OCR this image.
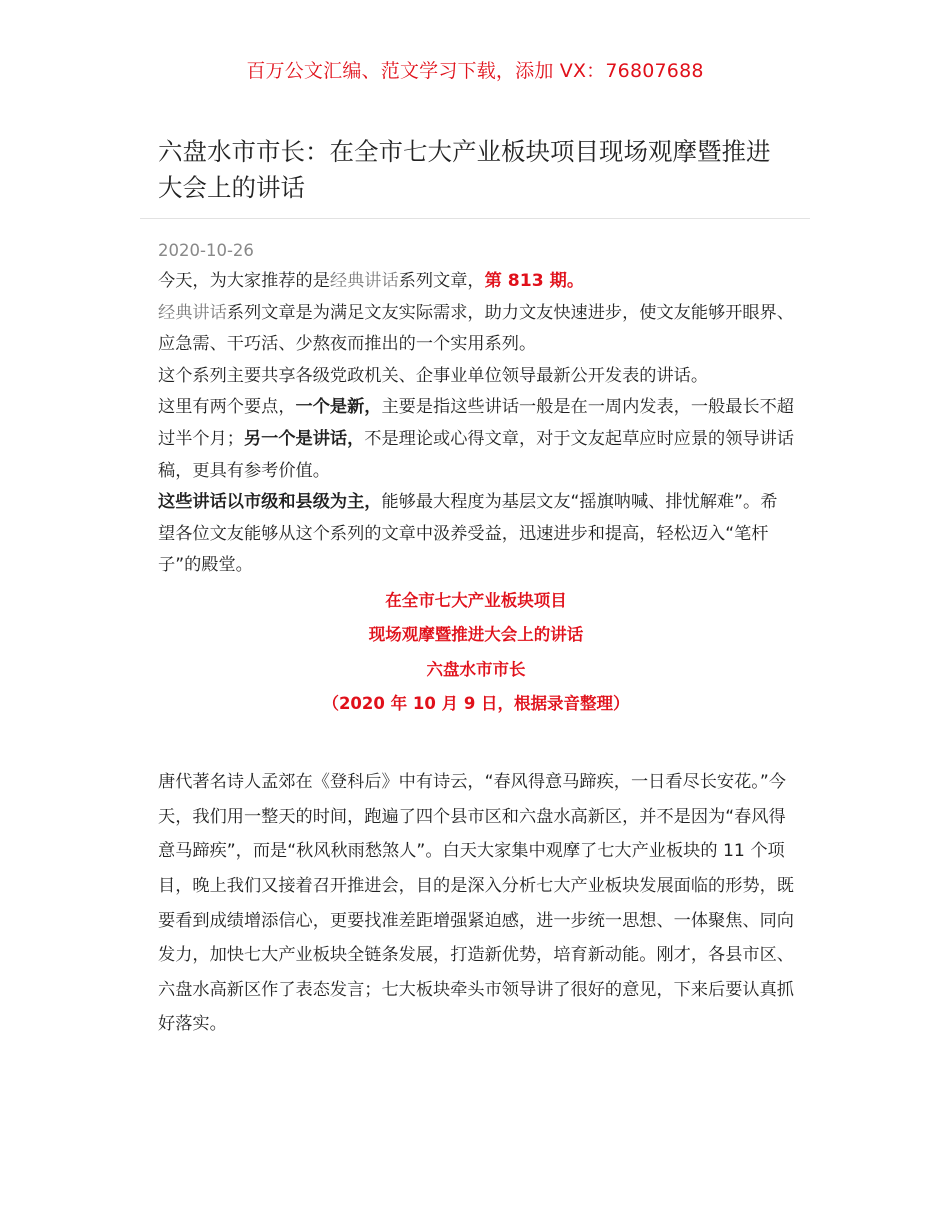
百万公文汇编、范文学习下载，添加 VX：76807688
六盘水市市长：在全市七大产业板块项目现场观摩暨推进大会上的讲话
2020-10-26

今天，为大家推荐的是经典讲话系列文章，第 813 期。

经典讲话系列文章是为满足文友实际需求，助力文友快速进步，使文友能够开眼界、应急需、干巧活、少熬夜而推出的一个实用系列。

这个系列主要共享各级党政机关、企事业单位领导最新公开发表的讲话。

这里有两个要点，一个是新，主要是指这些讲话一般是在一周内发表，一般最长不超过半个月；另一个是讲话，不是理论或心得文章，对于文友起草应时应景的领导讲话稿，更具有参考价值。

这些讲话以市级和县级为主，能够最大程度为基层文友“摇旗呐喊、排忧解难”。希望各位文友能够从这个系列的文章中汲养受益，迅速进步和提高，轻松迈入“笔杆子”的殿堂。

在全市七大产业板块项目
现场观摩暨推进大会上的讲话
六盘水市市长
（2020 年 10 月 9 日，根据录音整理）

唐代著名诗人孟郊在《登科后》中有诗云，“春风得意马蹄疾，一日看尽长安花。”今天，我们用一整天的时间，跑遍了四个县市区和六盘水高新区，并不是因为“春风得意马蹄疾”，而是“秋风秋雨愁煞人”。白天大家集中观摩了七大产业板块的 11 个项目，晚上我们又接着召开推进会，目的是深入分析七大产业板块发展面临的形势，既要看到成绩增添信心，更要找准差距增强紧迫感，进一步统一思想、一体聚焦、同向发力，加快七大产业板块全链条发展，打造新优势，培育新动能。刚才，各县市区、六盘水高新区作了表态发言；七大板块牵头市领导讲了很好的意见，下来后要认真抓好落实。
